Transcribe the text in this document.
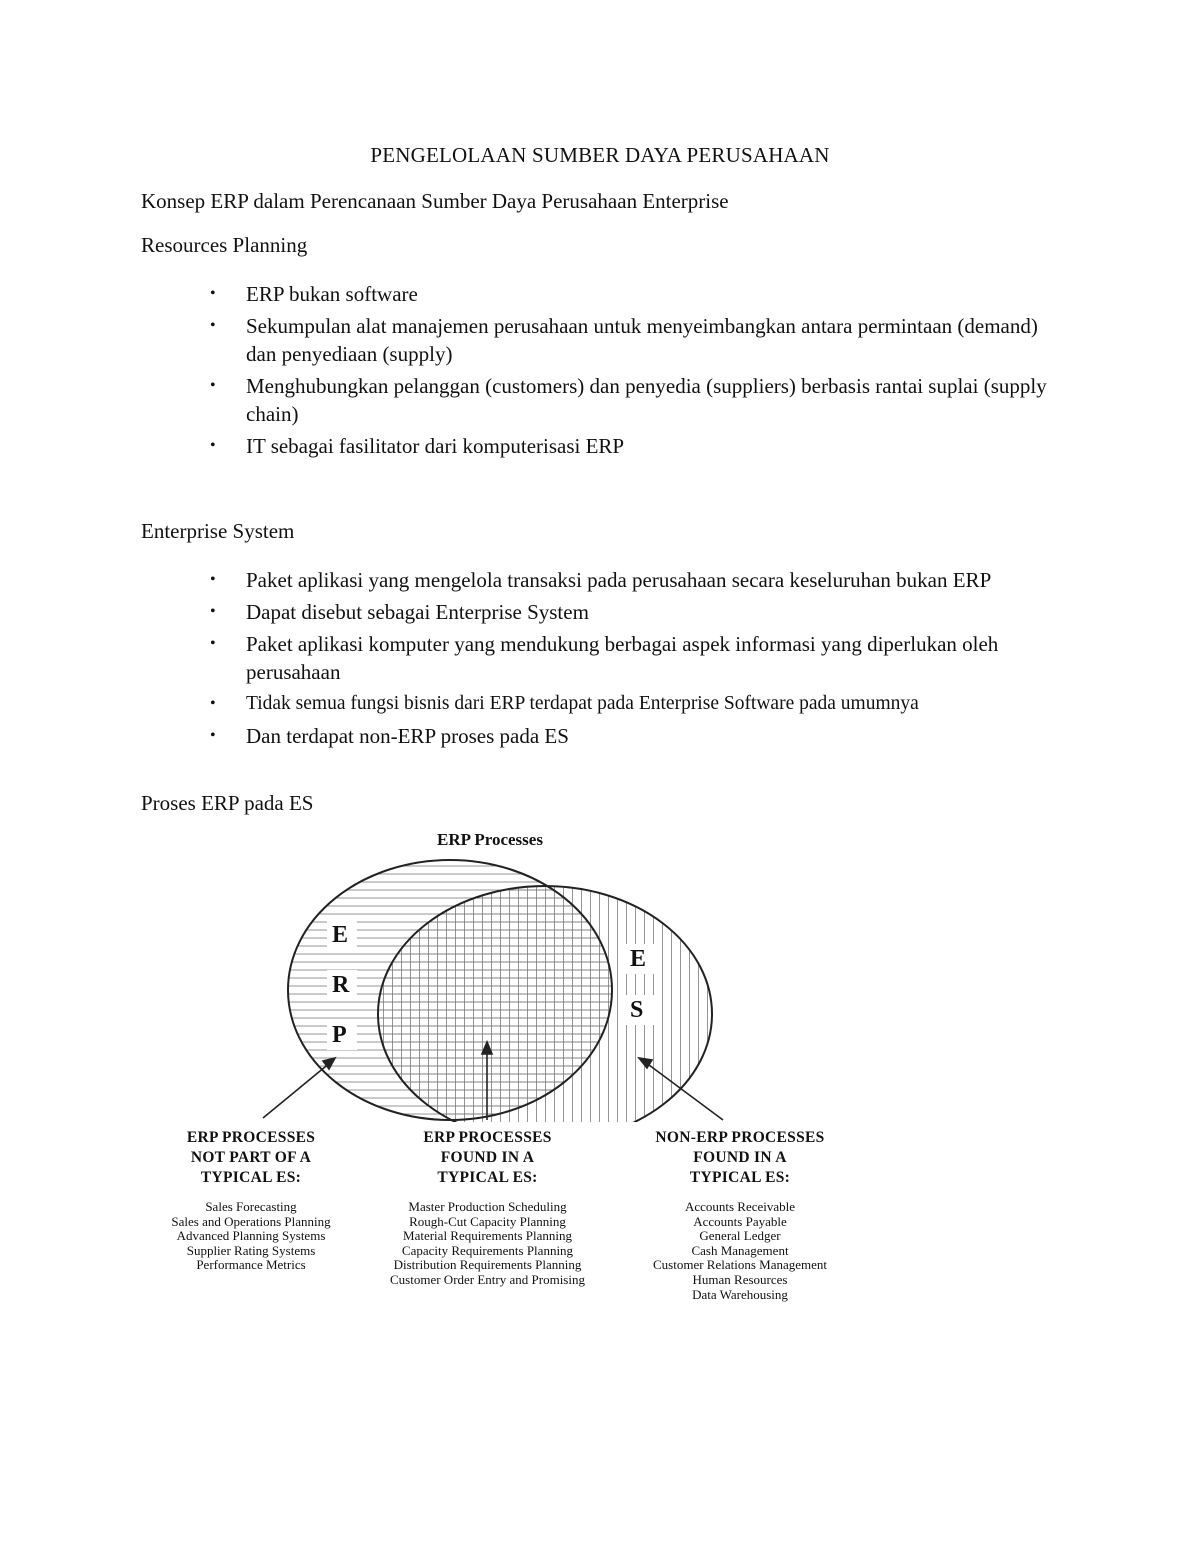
PENGELOLAAN SUMBER DAYA PERUSAHAAN

Konsep ERP dalam Perencanaan Sumber Daya Perusahaan Enterprise

Resources Planning

• ERP bukan software
• Sekumpulan alat manajemen perusahaan untuk menyeimbangkan antara permintaan (demand) dan penyediaan (supply)
• Menghubungkan pelanggan (customers) dan penyedia (suppliers) berbasis rantai suplai (supply chain)
• IT sebagai fasilitator dari komputerisasi ERP

Enterprise System

• Paket aplikasi yang mengelola transaksi pada perusahaan secara keseluruhan bukan ERP
• Dapat disebut sebagai Enterprise System
• Paket aplikasi komputer yang mendukung berbagai aspek informasi yang diperlukan oleh perusahaan
• Tidak semua fungsi bisnis dari ERP terdapat pada Enterprise Software pada umumnya
• Dan terdapat non-ERP proses pada ES

Proses ERP pada ES

ERP Processes
E
R
P
E
S
ERP PROCESSES
NOT PART OF A
TYPICAL ES:
Sales Forecasting
Sales and Operations Planning
Advanced Planning Systems
Supplier Rating Systems
Performance Metrics
ERP PROCESSES
FOUND IN A
TYPICAL ES:
Master Production Scheduling
Rough-Cut Capacity Planning
Material Requirements Planning
Capacity Requirements Planning
Distribution Requirements Planning
Customer Order Entry and Promising
NON-ERP PROCESSES
FOUND IN A
TYPICAL ES:
Accounts Receivable
Accounts Payable
General Ledger
Cash Management
Customer Relations Management
Human Resources
Data Warehousing
